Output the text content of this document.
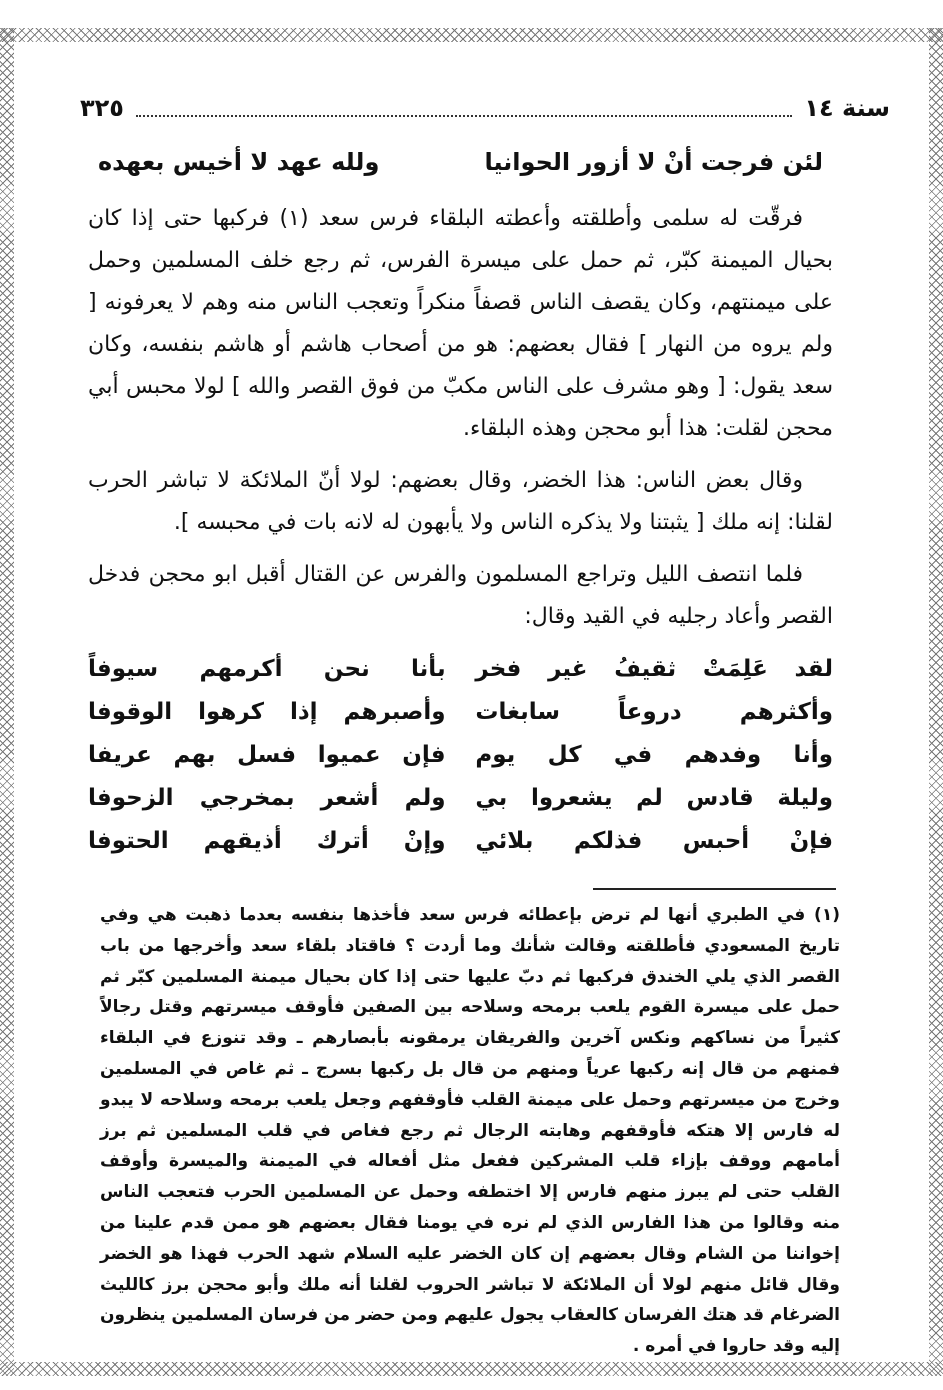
سنة ١٤
٣٢٥
لئن فرجت أنْ لا أزور الحوانيا
ولله عهد لا أخيس بعهده

فرقّت له سلمى وأطلقته وأعطته البلقاء فرس سعد (١) فركبها حتى إذا كان بحيال الميمنة كبّر، ثم حمل على ميسرة الفرس، ثم رجع خلف المسلمين وحمل على ميمنتهم، وكان يقصف الناس قصفاً منكراً وتعجب الناس منه وهم لا يعرفونه [ ولم يروه من النهار ] فقال بعضهم: هو من أصحاب هاشم أو هاشم بنفسه، وكان سعد يقول: [ وهو مشرف على الناس مكبّ من فوق القصر والله ] لولا محبس أبي محجن لقلت: هذا أبو محجن وهذه البلقاء.

وقال بعض الناس: هذا الخضر، وقال بعضهم: لولا أنّ الملائكة لا تباشر الحرب لقلنا: إنه ملك [ يثبتنا ولا يذكره الناس ولا يأبهون له لانه بات في محبسه ].

فلما انتصف الليل وتراجع المسلمون والفرس عن القتال أقبل ابو محجن فدخل القصر وأعاد رجليه في القيد وقال:

لقد عَلِمَتْ ثقيفُ غير فخر
بأنا نحن أكرمهم سيوفاً
وأكثرهم دروعاً سابغات
وأصبرهم إذا كرهوا الوقوفا
وأنا وفدهم في كل يوم
فإن عميوا فسل بهم عريفا
وليلة قادس لم يشعروا بي
ولم أشعر بمخرجي الزحوفا
فإنْ أحبس فذلكم بلائي
وإنْ أترك أذيقهم الحتوفا
(١) في الطبري أنها لم ترض بإعطائه فرس سعد فأخذها بنفسه بعدما ذهبت هي وفي تاريخ المسعودي فأطلقته وقالت شأنك وما أردت ؟ فاقتاد بلقاء سعد وأخرجها من باب القصر الذي يلي الخندق فركبها ثم دبّ عليها حتى إذا كان بحيال ميمنة المسلمين كبّر ثم حمل على ميسرة القوم يلعب برمحه وسلاحه بين الصفين فأوقف ميسرتهم وقتل رجالاً كثيراً من نساكهم ونكس آخرين والفريقان يرمقونه بأبصارهم ـ وقد تنوزع في البلقاء فمنهم من قال إنه ركبها عرياً ومنهم من قال بل ركبها بسرج ـ ثم غاص في المسلمين وخرج من ميسرتهم وحمل على ميمنة القلب فأوقفهم وجعل يلعب برمحه وسلاحه لا يبدو له فارس إلا هتكه فأوقفهم وهابته الرجال ثم رجع فغاص في قلب المسلمين ثم برز أمامهم ووقف بإزاء قلب المشركين ففعل مثل أفعاله في الميمنة والميسرة وأوقف القلب حتى لم يبرز منهم فارس إلا اختطفه وحمل عن المسلمين الحرب فتعجب الناس منه وقالوا من هذا الفارس الذي لم نره في يومنا فقال بعضهم هو ممن قدم علينا من إخواننا من الشام وقال بعضهم إن كان الخضر عليه السلام شهد الحرب فهذا هو الخضر وقال قائل منهم لولا أن الملائكة لا تباشر الحروب لقلنا أنه ملك وأبو محجن برز كالليث الضرغام قد هتك الفرسان كالعقاب يجول عليهم ومن حضر من فرسان المسلمين ينظرون إليه وقد حاروا في أمره .
